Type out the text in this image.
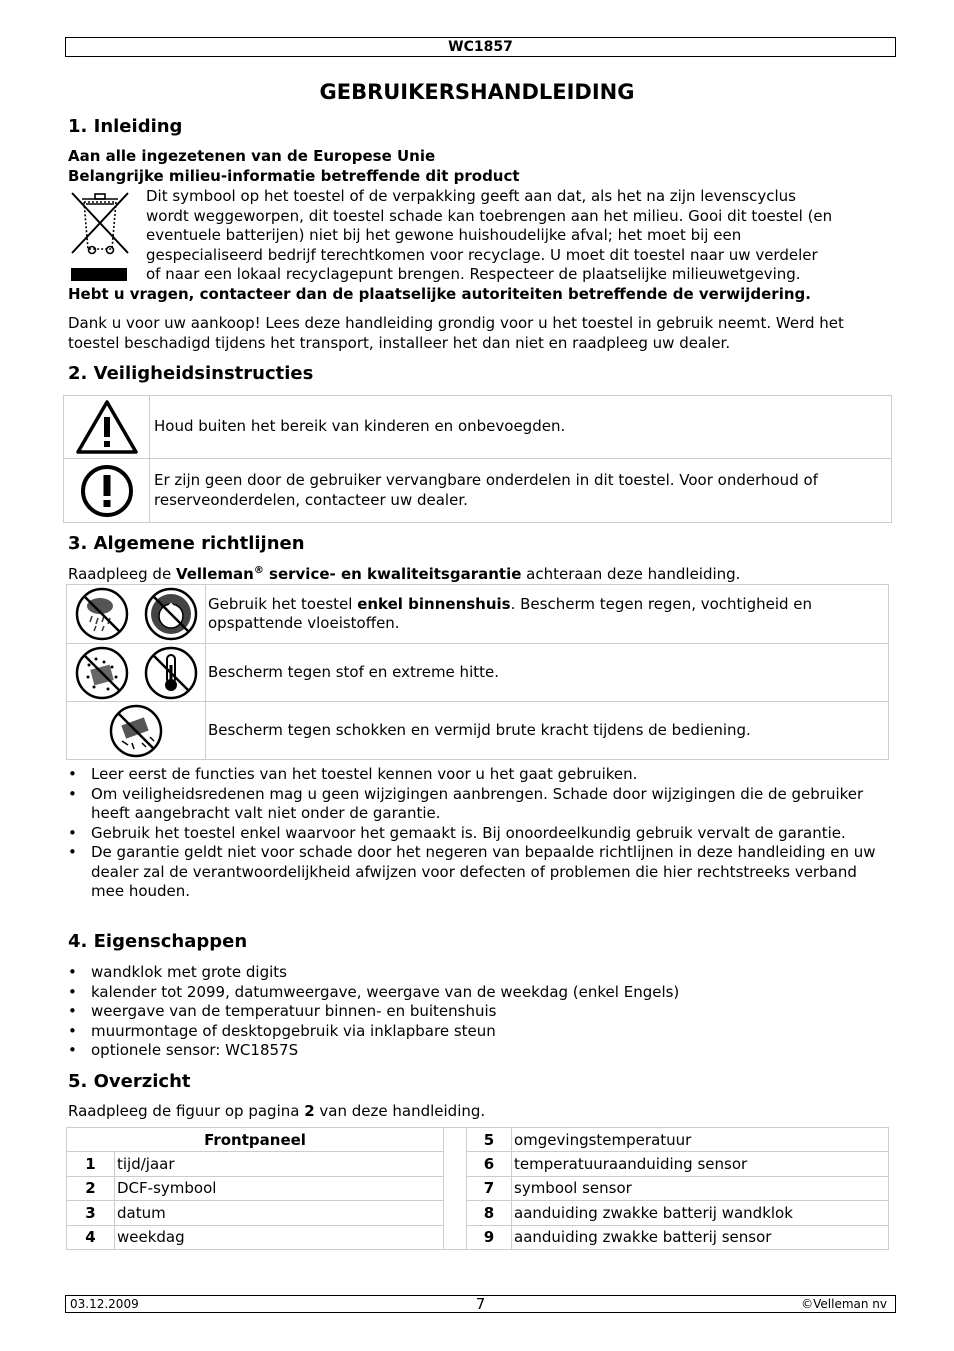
WC1857
GEBRUIKERSHANDLEIDING
1. Inleiding

Aan alle ingezetenen van de Europese Unie

Belangrijke milieu-informatie betreffende dit product

Dit symbool op het toestel of de verpakking geeft aan dat, als het na zijn levenscyclus
wordt weggeworpen, dit toestel schade kan toebrengen aan het milieu. Gooi dit toestel (en
eventuele batterijen) niet bij het gewone huishoudelijke afval; het moet bij een
gespecialiseerd bedrijf terechtkomen voor recyclage. U moet dit toestel naar uw verdeler
of naar een lokaal recyclagepunt brengen. Respecteer de plaatselijke milieuwetgeving.

Hebt u vragen, contacteer dan de plaatselijke autoriteiten betreffende de verwijdering.

Dank u voor uw aankoop! Lees deze handleiding grondig voor u het toestel in gebruik neemt. Werd het toestel beschadigd tijdens het transport, installeer het dan niet en raadpleeg uw dealer.

2. Veiligheidsinstructies
	Houd buiten het bereik van kinderen en onbevoegden.

	Er zijn geen door de gebruiker vervangbare onderdelen in dit toestel. Voor onderhoud of reserveonderdelen, contacteer uw dealer.
3. Algemene richtlijnen

Raadpleeg de Velleman® service- en kwaliteitsgarantie achteraan deze handleiding.

	Gebruik het toestel enkel binnenshuis. Bescherm tegen regen, vochtigheid en opspattende vloeistoffen.

	Bescherm tegen stof en extreme hitte.

	Bescherm tegen schokken en vermijd brute kracht tijdens de bediening.
• Leer eerst de functies van het toestel kennen voor u het gaat gebruiken.
• Om veiligheidsredenen mag u geen wijzigingen aanbrengen. Schade door wijzigingen die de gebruiker heeft aangebracht valt niet onder de garantie.
• Gebruik het toestel enkel waarvoor het gemaakt is. Bij onoordeelkundig gebruik vervalt de garantie.
• De garantie geldt niet voor schade door het negeren van bepaalde richtlijnen in deze handleiding en uw dealer zal de verantwoordelijkheid afwijzen voor defecten of problemen die hier rechtstreeks verband mee houden.
4. Eigenschappen
• wandklok met grote digits
• kalender tot 2099, datumweergave, weergave van de weekdag (enkel Engels)
• weergave van de temperatuur binnen- en buitenshuis
• muurmontage of desktopgebruik via inklapbare steun
• optionele sensor: WC1857S
5. Overzicht

Raadpleeg de figuur op pagina 2 van deze handleiding.

Frontpaneel	
1	tijd/jaar
2	DCF-symbool
3	datum
4	weekdag
5	omgevingstemperatuur
6	temperatuuraanduiding sensor
7	symbool sensor
8	aanduiding zwakke batterij wandklok
9	aanduiding zwakke batterij sensor
7
03.12.2009	©Velleman nv
